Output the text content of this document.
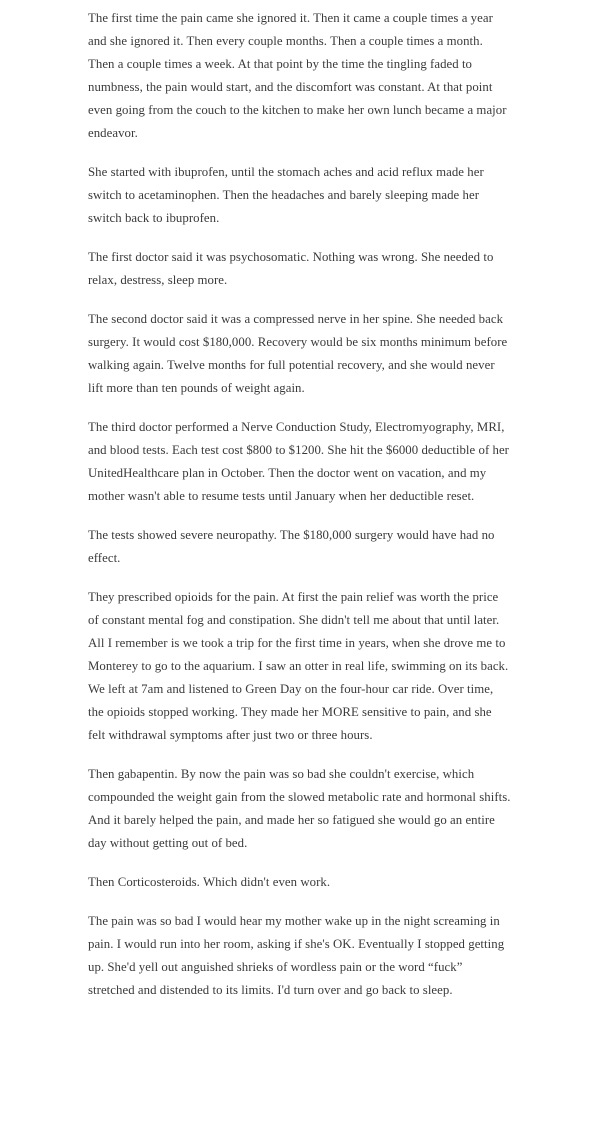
The first time the pain came she ignored it. Then it came a couple times a year and she ignored it. Then every couple months. Then a couple times a month. Then a couple times a week. At that point by the time the tingling faded to numbness, the pain would start, and the discomfort was constant. At that point even going from the couch to the kitchen to make her own lunch became a major endeavor.

She started with ibuprofen, until the stomach aches and acid reflux made her switch to acetaminophen. Then the headaches and barely sleeping made her switch back to ibuprofen.

The first doctor said it was psychosomatic. Nothing was wrong. She needed to relax, destress, sleep more.

The second doctor said it was a compressed nerve in her spine. She needed back surgery. It would cost $180,000. Recovery would be six months minimum before walking again. Twelve months for full potential recovery, and she would never lift more than ten pounds of weight again.

The third doctor performed a Nerve Conduction Study, Electromyography, MRI, and blood tests. Each test cost $800 to $1200. She hit the $6000 deductible of her UnitedHealthcare plan in October. Then the doctor went on vacation, and my mother wasn't able to resume tests until January when her deductible reset.

The tests showed severe neuropathy. The $180,000 surgery would have had no effect.

They prescribed opioids for the pain. At first the pain relief was worth the price of constant mental fog and constipation. She didn't tell me about that until later. All I remember is we took a trip for the first time in years, when she drove me to Monterey to go to the aquarium. I saw an otter in real life, swimming on its back. We left at 7am and listened to Green Day on the four-hour car ride. Over time, the opioids stopped working. They made her MORE sensitive to pain, and she felt withdrawal symptoms after just two or three hours.

Then gabapentin. By now the pain was so bad she couldn't exercise, which compounded the weight gain from the slowed metabolic rate and hormonal shifts. And it barely helped the pain, and made her so fatigued she would go an entire day without getting out of bed.

Then Corticosteroids. Which didn't even work.

The pain was so bad I would hear my mother wake up in the night screaming in pain. I would run into her room, asking if she's OK. Eventually I stopped getting up. She'd yell out anguished shrieks of wordless pain or the word “fuck” stretched and distended to its limits. I'd turn over and go back to sleep.
